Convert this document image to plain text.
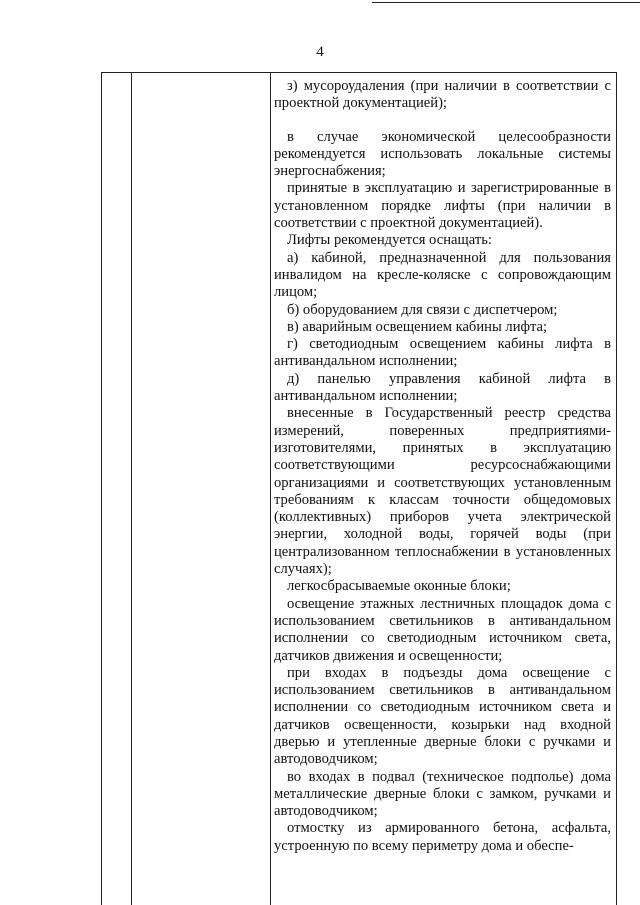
4

з) мусороудаления (при наличии в соответствии с проектной документацией);

в случае экономической целесообразности рекомендуется использовать локальные системы энергоснабжения;

принятые в эксплуатацию и зарегистрированные в установленном порядке лифты (при наличии в соответствии с проектной документацией).

Лифты рекомендуется оснащать:

а) кабиной, предназначенной для пользования инвалидом на кресле-коляске с сопровождающим лицом;

б) оборудованием для связи с диспетчером;

в) аварийным освещением кабины лифта;

г) светодиодным освещением кабины лифта в антивандальном исполнении;

д) панелью управления кабиной лифта в антивандальном исполнении;

внесенные в Государственный реестр средства измерений, поверенных предприятиями-изготовителями, принятых в эксплуатацию соответствующими ресурсоснабжающими организациями и соответствующих установленным требованиям к классам точности общедомовых (коллективных) приборов учета электрической энергии, холодной воды, горячей воды (при централизованном теплоснабжении в установленных случаях);

легкосбрасываемые оконные блоки;

освещение этажных лестничных площадок дома с использованием светильников в антивандальном исполнении со светодиодным источником света, датчиков движения и освещенности;

при входах в подъезды дома освещение с использованием светильников в антивандальном исполнении со светодиодным источником света и датчиков освещенности, козырьки над входной дверью и утепленные дверные блоки с ручками и автодоводчиком;

во входах в подвал (техническое подполье) дома металлические дверные блоки с замком, ручками и автодоводчиком;

отмостку из армированного бетона, асфальта, устроенную по всему периметру дома и обеспе-
